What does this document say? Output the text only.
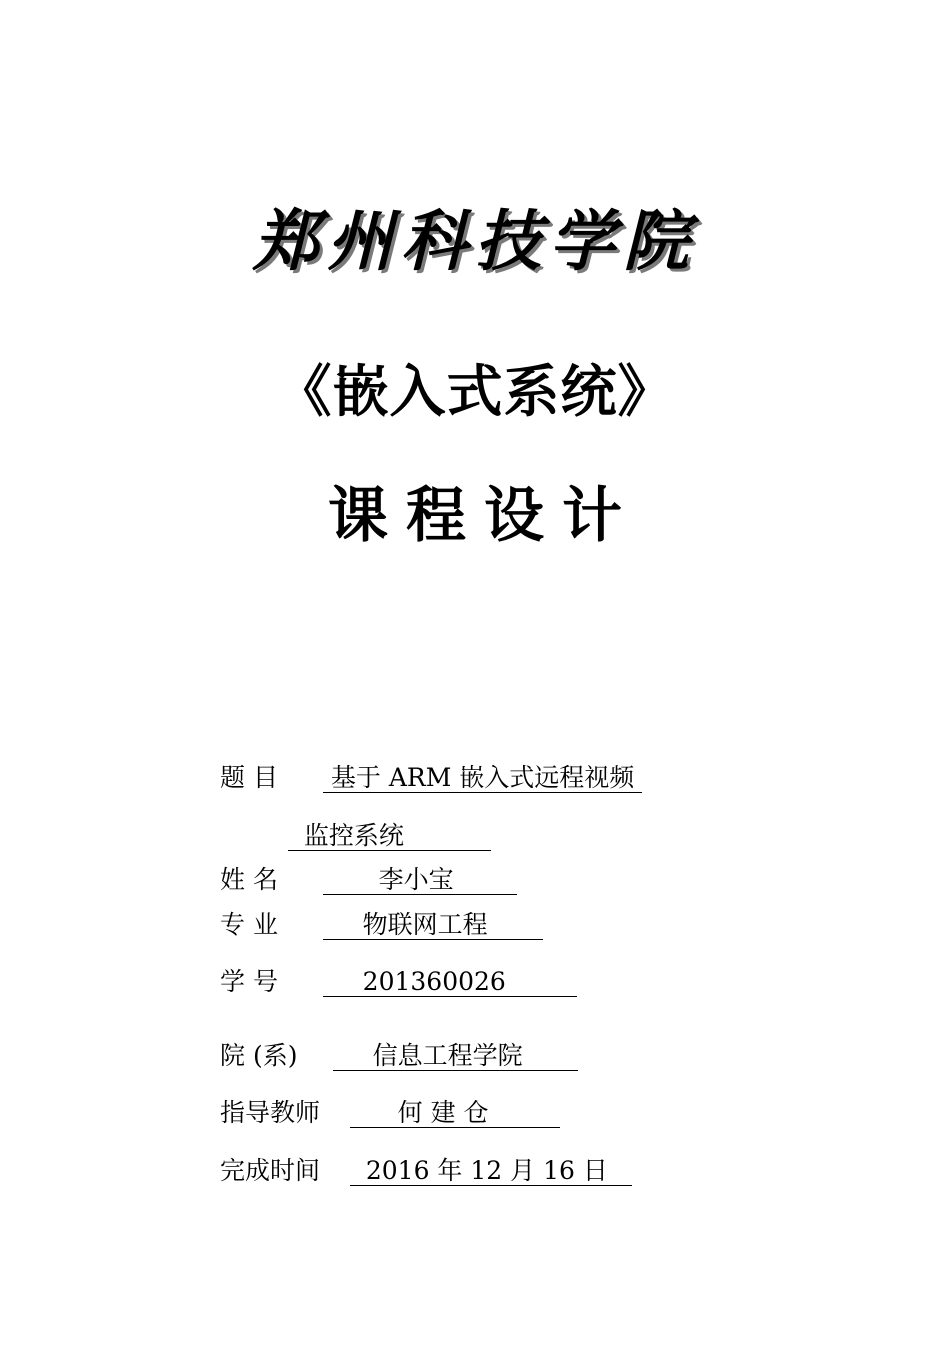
郑州科技学院
《嵌入式系统》
课程设计
题 目  基于 ARM 嵌入式远程视频
监控系统
姓 名        李小宝
专 业      物联网工程
学 号      201360026
院 (系)      信息工程学院
指导教师       何 建 仓
完成时间   2016 年 12 月 16 日
